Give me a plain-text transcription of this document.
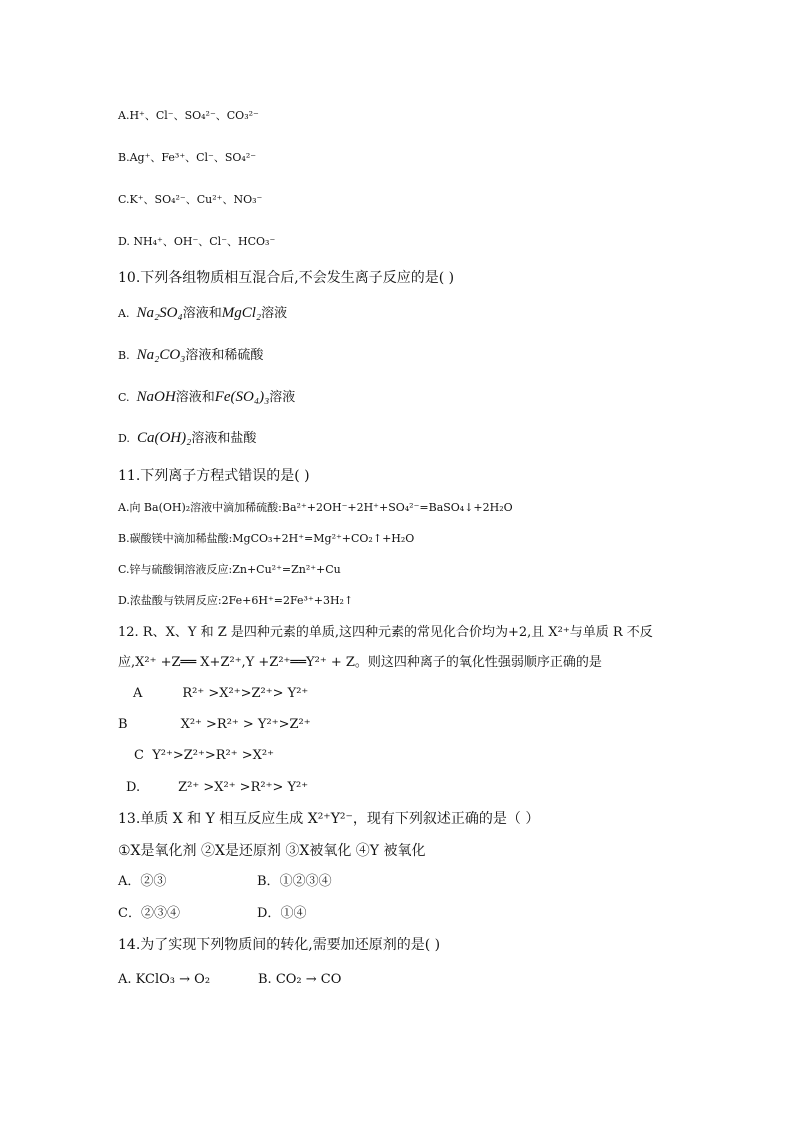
A.H⁺、Cl⁻、SO₄²⁻、CO₃²⁻
B.Ag⁺、Fe³⁺、Cl⁻、SO₄²⁻
C.K⁺、SO₄²⁻、Cu²⁺、NO₃⁻
D. NH₄⁺、OH⁻、Cl⁻、HCO₃⁻
10.下列各组物质相互混合后,不会发生离子反应的是( )
A. Na₂SO₄溶液和MgCl₂溶液
B. Na₂CO₃溶液和稀硫酸
C. NaOH溶液和Fe(SO₄)₃溶液
D. Ca(OH)₂溶液和盐酸
11.下列离子方程式错误的是( )
A.向 Ba(OH)₂溶液中滴加稀硫酸:Ba²⁺+2OH⁻+2H⁺+SO₄²⁻=BaSO₄↓+2H₂O
B.碳酸镁中滴加稀盐酸:MgCO₃+2H⁺=Mg²⁺+CO₂↑+H₂O
C.锌与硫酸铜溶液反应:Zn+Cu²⁺=Zn²⁺+Cu
D.浓盐酸与铁屑反应:2Fe+6H⁺=2Fe³⁺+3H₂↑
12. R、X、Y 和 Z 是四种元素的单质,这四种元素的常见化合价均为+2,且 X²⁺与单质 R 不反
应,X²⁺ +Z══ X+Z²⁺,Y +Z²⁺══Y²⁺ + Z。则这四种离子的氧化性强弱顺序正确的是
A	R²⁺ >X²⁺>Z²⁺> Y²⁺
B	X²⁺ >R²⁺ > Y²⁺>Z²⁺
C Y²⁺>Z²⁺>R²⁺ >X²⁺
D.	Z²⁺ >X²⁺ >R²⁺> Y²⁺
13.单质 X 和 Y 相互反应生成 X²⁺Y²⁻，现有下列叙述正确的是（ ）
①X是氧化剂 ②X是还原剂 ③X被氧化 ④Y 被氧化
A．②③	B．①②③④
C．②③④	D．①④
14.为了实现下列物质间的转化,需要加还原剂的是( )
A. KClO₃ → O₂	B. CO₂ → CO
